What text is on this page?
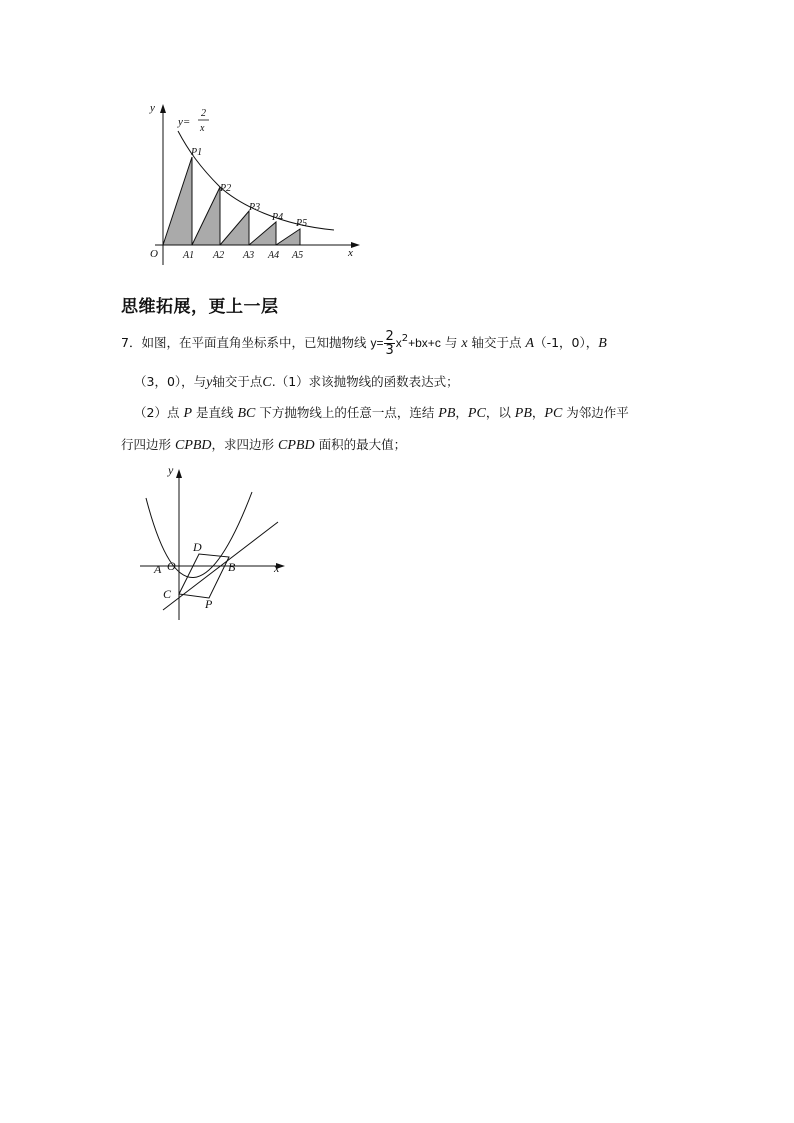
y
x
O
y=
2
x
P1
P2
P3
P4
P5
A1 A2 A3 A4 A5
思维拓展，更上一层
7．如图，在平面直角坐标系中，已知抛物线 $y= \frac{2}{3} x^2+bx+c$ 与 x 轴交于点 A（-1，0），B
（3，0），与y轴交于点C.（1）求该抛物线的函数表达式；
（2）点 P 是直线 BC 下方抛物线上的任意一点，连结 PB，PC，以 PB，PC 为邻边作平
行四边形 CPBD，求四边形 CPBD 面积的最大值；
y
x
A O	B
C
D
P
